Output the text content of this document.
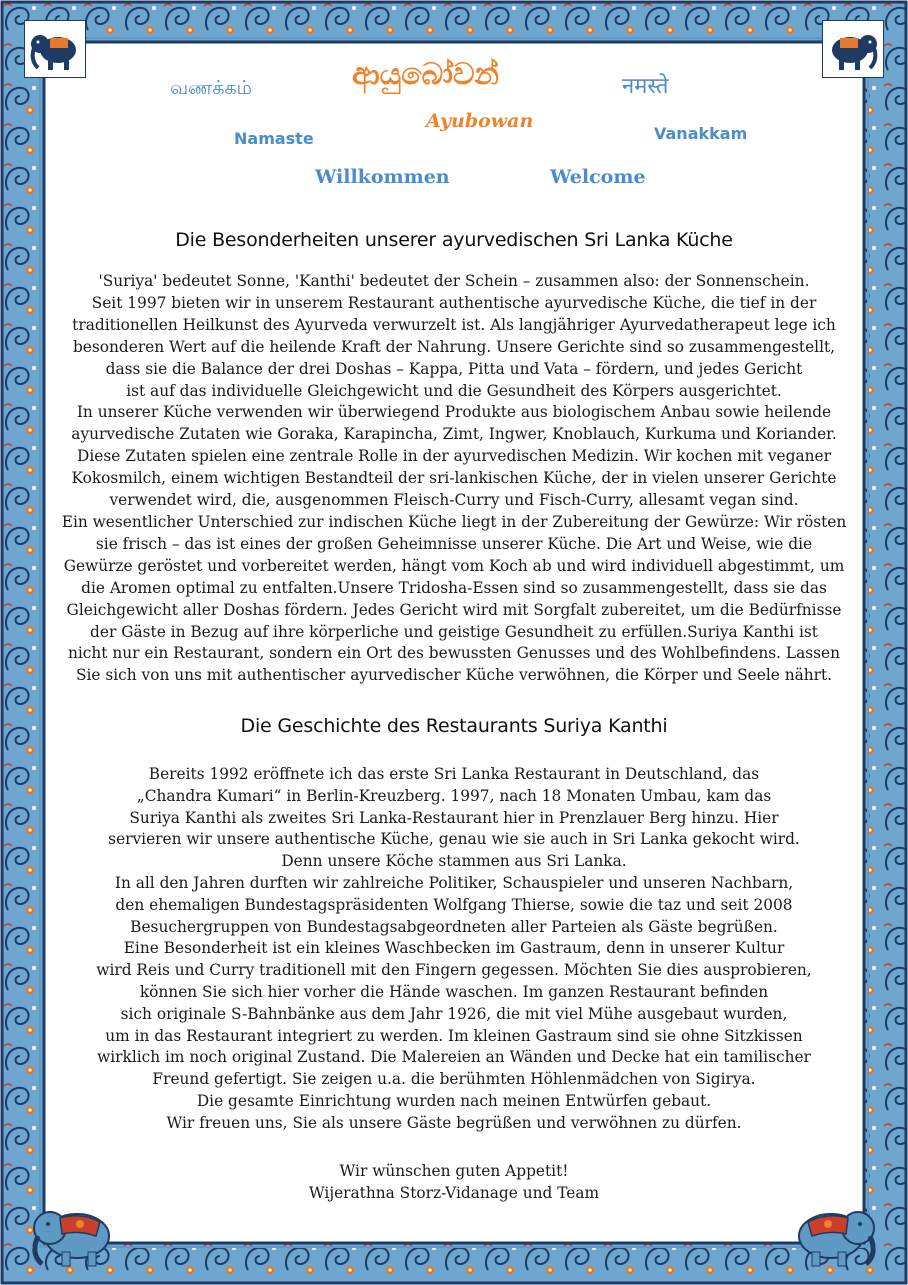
வணக்கம்	ආයුබෝවන්	नमस्ते
Ayubowan
Namaste	Vanakkam
Willkommen	Welcome
Die Besonderheiten unserer ayurvedischen Sri Lanka Küche
'Suriya' bedeutet Sonne, 'Kanthi' bedeutet der Schein – zusammen also: der Sonnenschein.
Seit 1997 bieten wir in unserem Restaurant authentische ayurvedische Küche, die tief in der
traditionellen Heilkunst des Ayurveda verwurzelt ist. Als langjähriger Ayurvedatherapeut lege ich
besonderen Wert auf die heilende Kraft der Nahrung. Unsere Gerichte sind so zusammengestellt,
dass sie die Balance der drei Doshas – Kappa, Pitta und Vata – fördern, und jedes Gericht
ist auf das individuelle Gleichgewicht und die Gesundheit des Körpers ausgerichtet.
In unserer Küche verwenden wir überwiegend Produkte aus biologischem Anbau sowie heilende
ayurvedische Zutaten wie Goraka, Karapincha, Zimt, Ingwer, Knoblauch, Kurkuma und Koriander.
Diese Zutaten spielen eine zentrale Rolle in der ayurvedischen Medizin. Wir kochen mit veganer
Kokosmilch, einem wichtigen Bestandteil der sri-lankischen Küche, der in vielen unserer Gerichte
verwendet wird, die, ausgenommen Fleisch-Curry und Fisch-Curry, allesamt vegan sind.
Ein wesentlicher Unterschied zur indischen Küche liegt in der Zubereitung der Gewürze: Wir rösten
sie frisch – das ist eines der großen Geheimnisse unserer Küche. Die Art und Weise, wie die
Gewürze geröstet und vorbereitet werden, hängt vom Koch ab und wird individuell abgestimmt, um
die Aromen optimal zu entfalten.Unsere Tridosha-Essen sind so zusammengestellt, dass sie das
Gleichgewicht aller Doshas fördern. Jedes Gericht wird mit Sorgfalt zubereitet, um die Bedürfnisse
der Gäste in Bezug auf ihre körperliche und geistige Gesundheit zu erfüllen.Suriya Kanthi ist
nicht nur ein Restaurant, sondern ein Ort des bewussten Genusses und des Wohlbefindens. Lassen
Sie sich von uns mit authentischer ayurvedischer Küche verwöhnen, die Körper und Seele nährt.
Die Geschichte des Restaurants Suriya Kanthi
Bereits 1992 eröffnete ich das erste Sri Lanka Restaurant in Deutschland, das
„Chandra Kumari“ in Berlin-Kreuzberg. 1997, nach 18 Monaten Umbau, kam das
Suriya Kanthi als zweites Sri Lanka-Restaurant hier in Prenzlauer Berg hinzu. Hier
servieren wir unsere authentische Küche, genau wie sie auch in Sri Lanka gekocht wird.
Denn unsere Köche stammen aus Sri Lanka.
In all den Jahren durften wir zahlreiche Politiker, Schauspieler und unseren Nachbarn,
den ehemaligen Bundestagspräsidenten Wolfgang Thierse, sowie die taz und seit 2008
Besuchergruppen von Bundestagsabgeordneten aller Parteien als Gäste begrüßen.
Eine Besonderheit ist ein kleines Waschbecken im Gastraum, denn in unserer Kultur
wird Reis und Curry traditionell mit den Fingern gegessen. Möchten Sie dies ausprobieren,
können Sie sich hier vorher die Hände waschen. Im ganzen Restaurant befinden
sich originale S-Bahnbänke aus dem Jahr 1926, die mit viel Mühe ausgebaut wurden,
um in das Restaurant integriert zu werden. Im kleinen Gastraum sind sie ohne Sitzkissen
wirklich im noch original Zustand. Die Malereien an Wänden und Decke hat ein tamilischer
Freund gefertigt. Sie zeigen u.a. die berühmten Höhlenmädchen von Sigirya.
Die gesamte Einrichtung wurden nach meinen Entwürfen gebaut.
Wir freuen uns, Sie als unsere Gäste begrüßen und verwöhnen zu dürfen.
Wir wünschen guten Appetit!
Wijerathna Storz-Vidanage und Team
